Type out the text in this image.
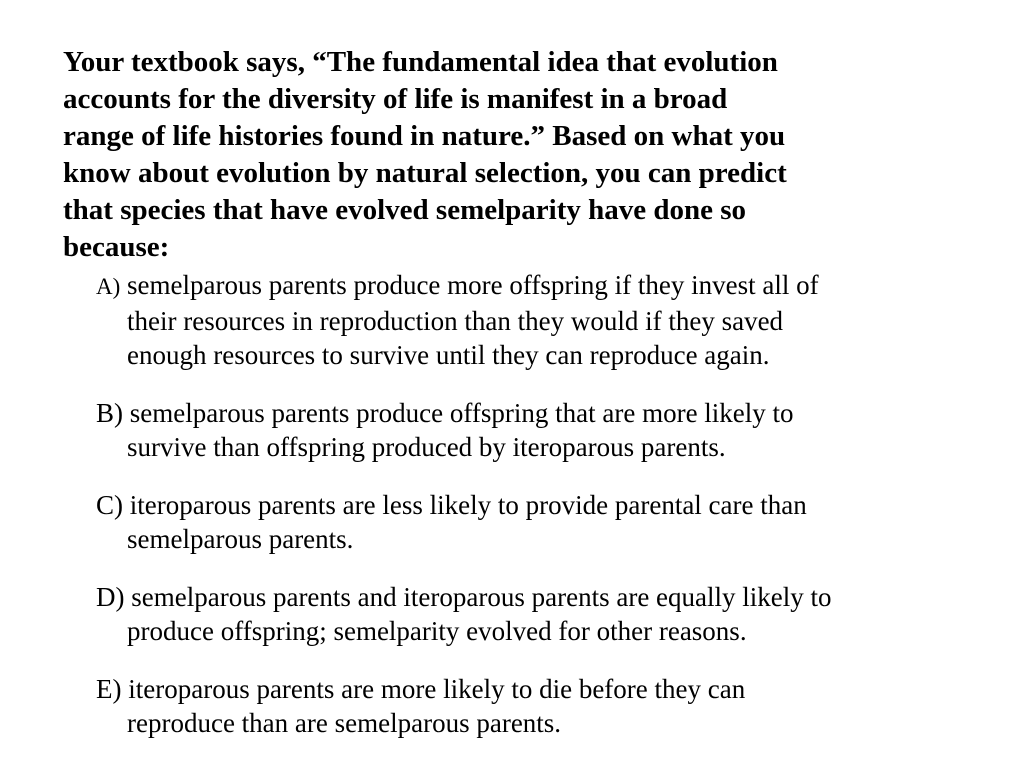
Your textbook says, “The fundamental idea that evolution
accounts for the diversity of life is manifest in a broad
range of life histories found in nature.” Based on what you
know about evolution by natural selection, you can predict
that species that have evolved semelparity have done so
because:

A) semelparous parents produce more offspring if they invest all of
their resources in reproduction than they would if they saved
enough resources to survive until they can reproduce again.
B) semelparous parents produce offspring that are more likely to
survive than offspring produced by iteroparous parents.
C) iteroparous parents are less likely to provide parental care than
semelparous parents.
D) semelparous parents and iteroparous parents are equally likely to
produce offspring; semelparity evolved for other reasons.
E) iteroparous parents are more likely to die before they can
reproduce than are semelparous parents.
